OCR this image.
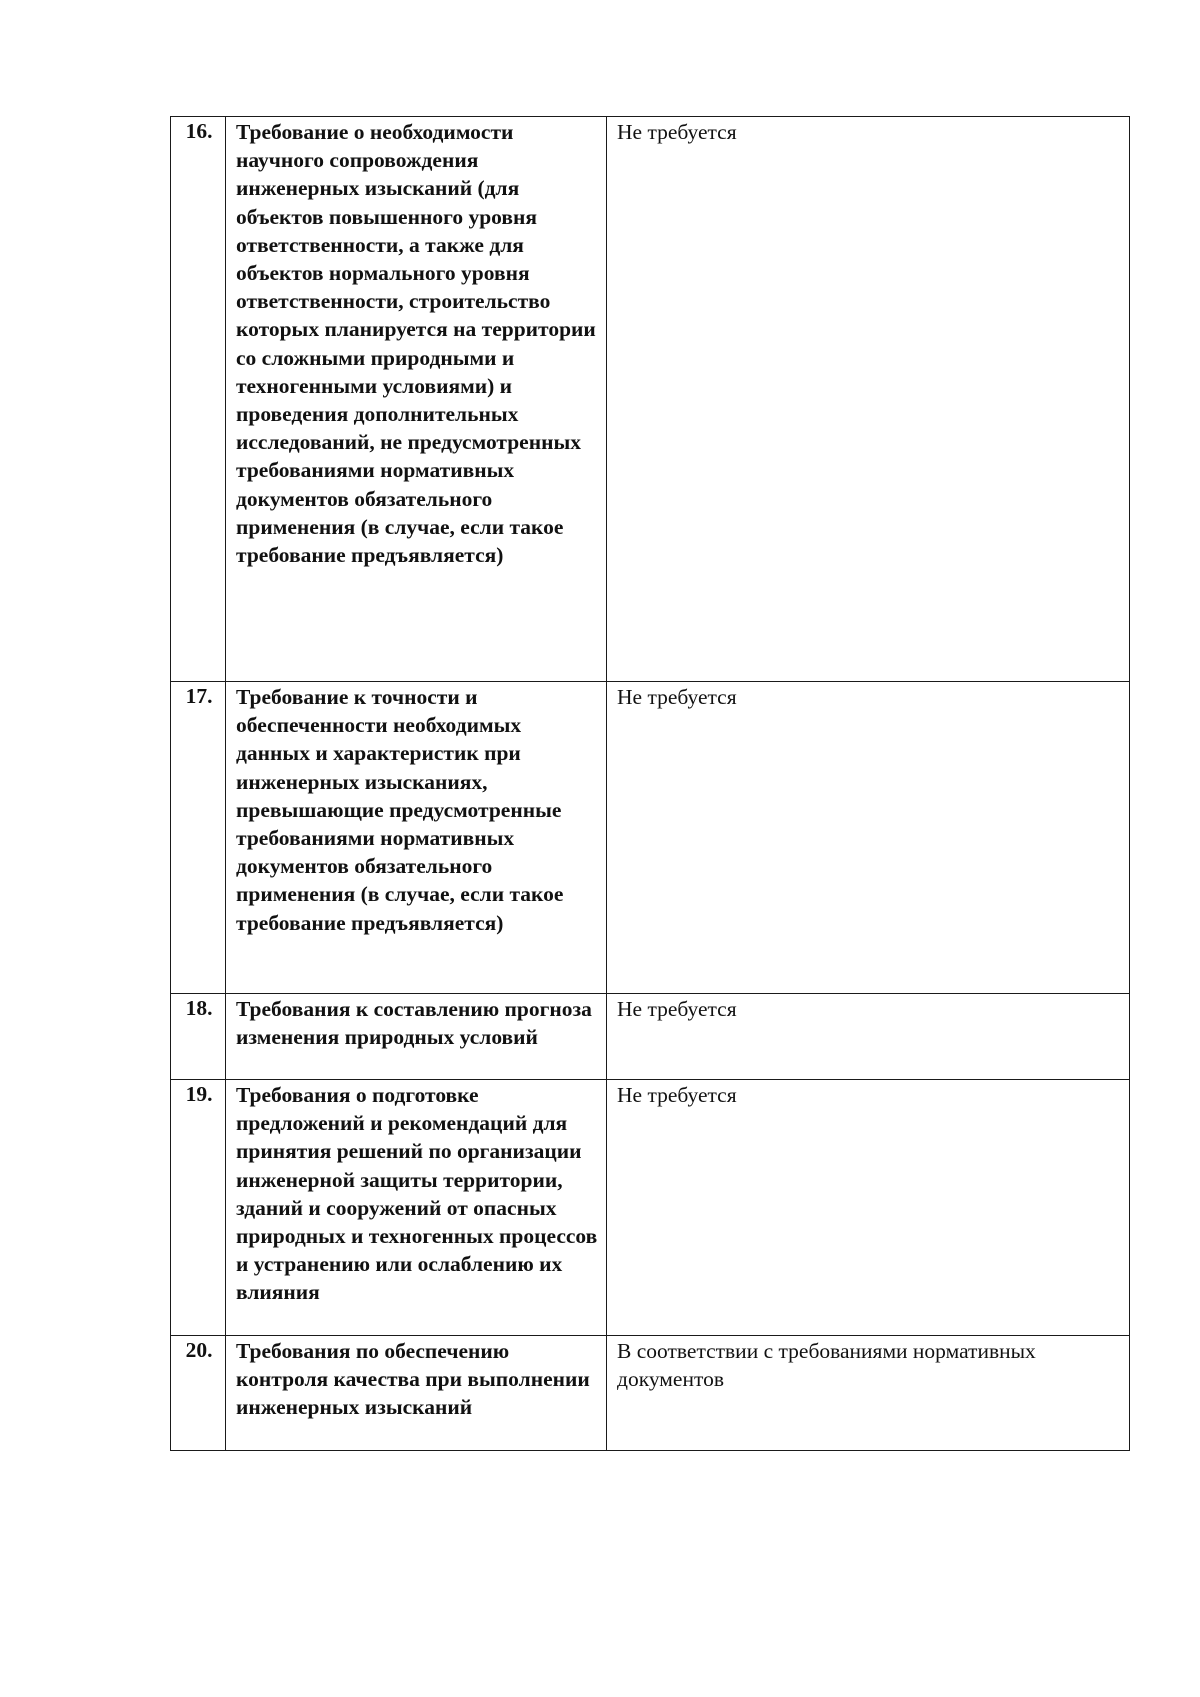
16.	Требование о необходимости научного сопровождения инженерных изысканий (для объектов повышенного уровня ответственности, а также для объектов нормального уровня ответственности, строительство которых планируется на территории со сложными природными и техногенными условиями) и проведения дополнительных исследований, не предусмотренных требованиями нормативных документов обязательного применения (в случае, если такое требование предъявляется)	Не требуется
17.	Требование к точности и обеспеченности необходимых данных и характеристик при инженерных изысканиях, превышающие предусмотренные требованиями нормативных документов обязательного применения (в случае, если такое требование предъявляется)	Не требуется
18.	Требования к составлению прогноза изменения природных условий	Не требуется
19.	Требования о подготовке предложений и рекомендаций для принятия решений по организации инженерной защиты территории, зданий и сооружений от опасных природных и техногенных процессов и устранению или ослаблению их влияния	Не требуется
20.	Требования по обеспечению контроля качества при выполнении инженерных изысканий	В соответствии с требованиями нормативных документов
